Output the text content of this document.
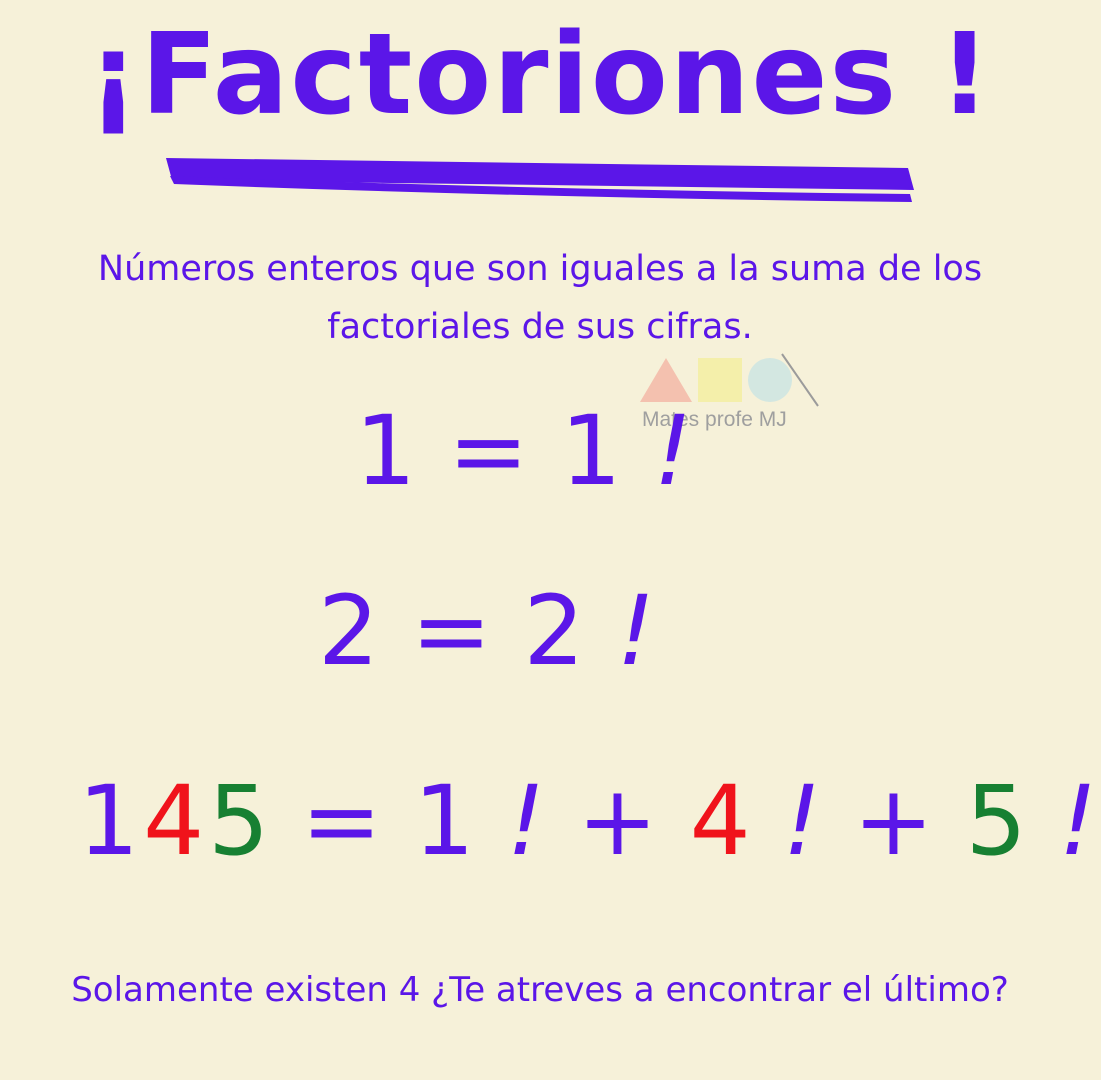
¡Factoriones !
Números enteros que son iguales a la suma de los
factoriales de sus cifras.
Mates profe MJ
1 = 1 !
2 = 2 !
145 = 1 ! + 4 ! + 5 !
Solamente existen 4 ¿Te atreves a encontrar el último?
